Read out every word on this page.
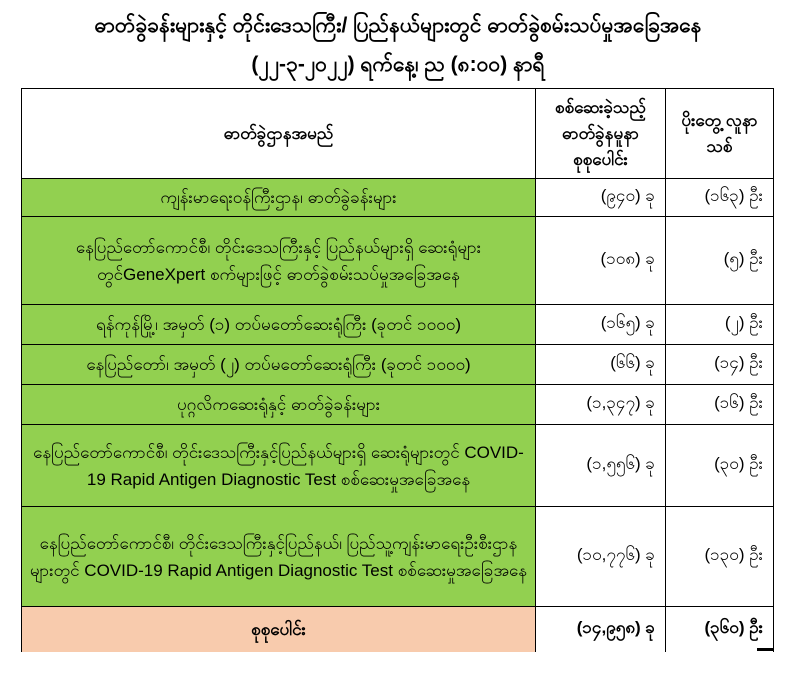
ဓာတ်ခွဲခန်းများနှင့် တိုင်းဒေသကြီး/ ပြည်နယ်များတွင် ဓာတ်ခွဲစမ်းသပ်မှုအခြေအနေ
(၂၂-၃-၂၀၂၂) ရက်နေ့၊ ည (၈:၀၀) နာရီ
ဓာတ်ခွဲဌာနအမည်	စစ်ဆေးခဲ့သည့် ဓာတ်ခွဲနမူနာ စုစုပေါင်း	ပိုးတွေ့ လူနာသစ်
ကျန်းမာရေးဝန်ကြီးဌာန၊ ဓာတ်ခွဲခန်းများ	(၉၄၀) ခု	(၁၆၃) ဦး
နေပြည်တော်ကောင်စီ၊ တိုင်းဒေသကြီးနှင့် ပြည်နယ်များရှိ ဆေးရုံများတွင်GeneXpert စက်များဖြင့် ဓာတ်ခွဲစမ်းသပ်မှုအခြေအနေ	(၁၀၈) ခု	(၅) ဦး
ရန်ကုန်မြို့၊ အမှတ် (၁) တပ်မတော်ဆေးရုံကြီး (ခုတင် ၁၀၀၀)	(၁၆၅) ခု	(၂) ဦး
နေပြည်တော်၊ အမှတ် (၂) တပ်မတော်ဆေးရုံကြီး (ခုတင် ၁၀၀၀)	(၆၆) ခု	(၁၄) ဦး
ပုဂ္ဂလိကဆေးရုံနှင့် ဓာတ်ခွဲခန်းများ	(၁,၃၄၇) ခု	(၁၆) ဦး
နေပြည်တော်ကောင်စီ၊ တိုင်းဒေသကြီးနှင့်ပြည်နယ်များရှိ ဆေးရုံများတွင် COVID-19 Rapid Antigen Diagnostic Test စစ်ဆေးမှုအခြေအနေ	(၁,၅၅၆) ခု	(၃၀) ဦး
နေပြည်တော်ကောင်စီ၊ တိုင်းဒေသကြီးနှင့်ပြည်နယ်၊ ပြည်သူ့ကျန်းမာရေးဦးစီးဌာနများတွင် COVID-19 Rapid Antigen Diagnostic Test စစ်ဆေးမှုအခြေအနေ	(၁၀,၇၇၆) ခု	(၁၃၀) ဦး
စုစုပေါင်း	(၁၄,၉၅၈) ခု	(၃၆၀) ဦး
